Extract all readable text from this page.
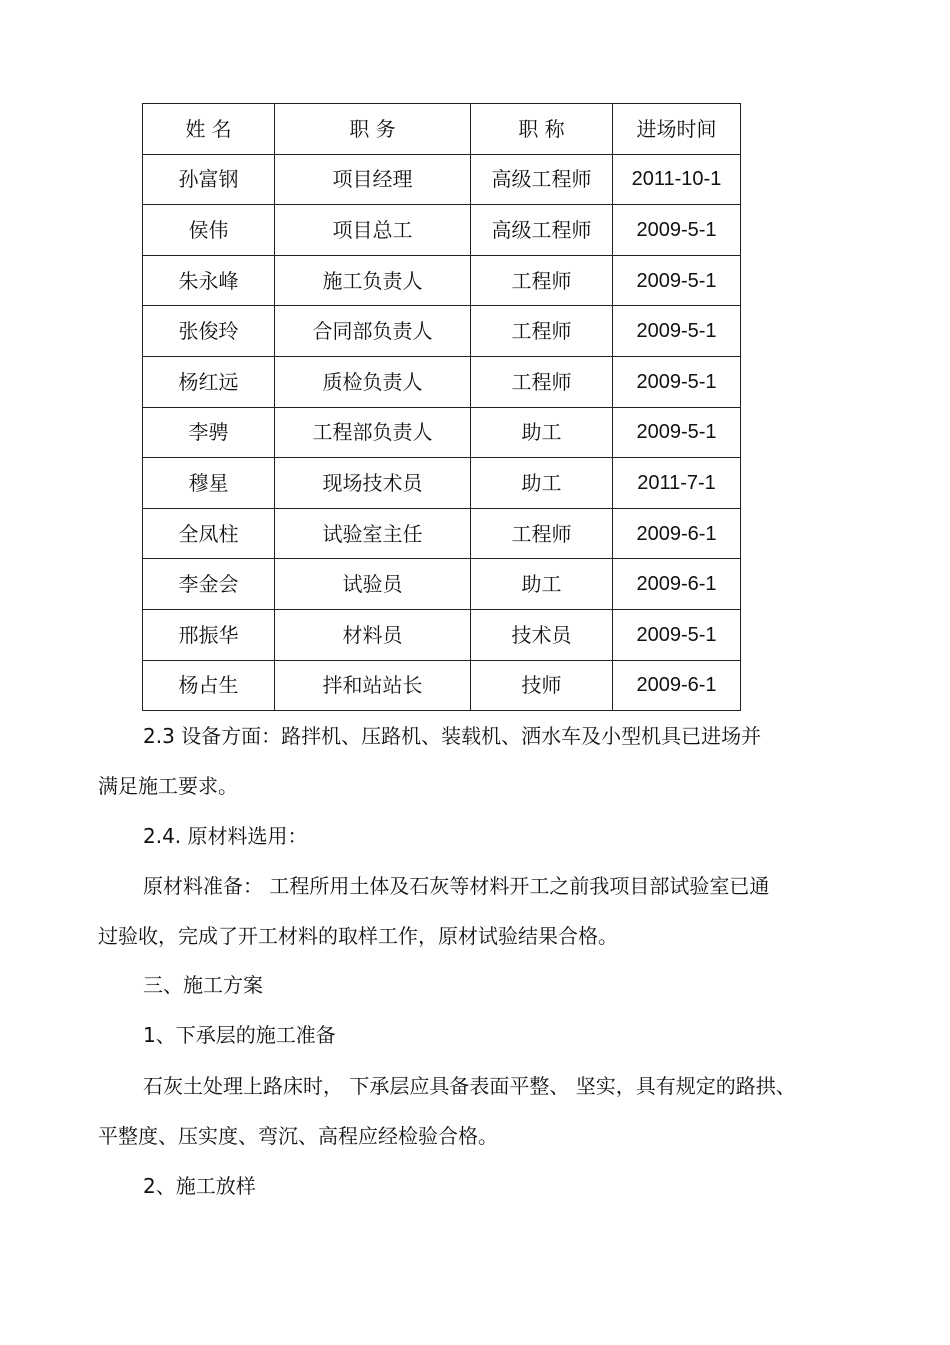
姓 名	职 务	职 称	进场时间
孙富钢	项目经理	高级工程师	2011-10-1
侯伟	项目总工	高级工程师	2009-5-1
朱永峰	施工负责人	工程师	2009-5-1
张俊玲	合同部负责人	工程师	2009-5-1
杨红远	质检负责人	工程师	2009-5-1
李骋	工程部负责人	助工	2009-5-1
穆星	现场技术员	助工	2011-7-1
全凤柱	试验室主任	工程师	2009-6-1
李金会	试验员	助工	2009-6-1
邢振华	材料员	技术员	2009-5-1
杨占生	拌和站站长	技师	2009-6-1

2.3 设备方面：路拌机、压路机、装载机、洒水车及小型机具已进场并

满足施工要求。

2.4. 原材料选用：

原材料准备： 工程所用土体及石灰等材料开工之前我项目部试验室已通

过验收，完成了开工材料的取样工作，原材试验结果合格。

三、施工方案

1、下承层的施工准备

石灰土处理上路床时， 下承层应具备表面平整、 坚实，具有规定的路拱、

平整度、压实度、弯沉、高程应经检验合格。

2、施工放样
